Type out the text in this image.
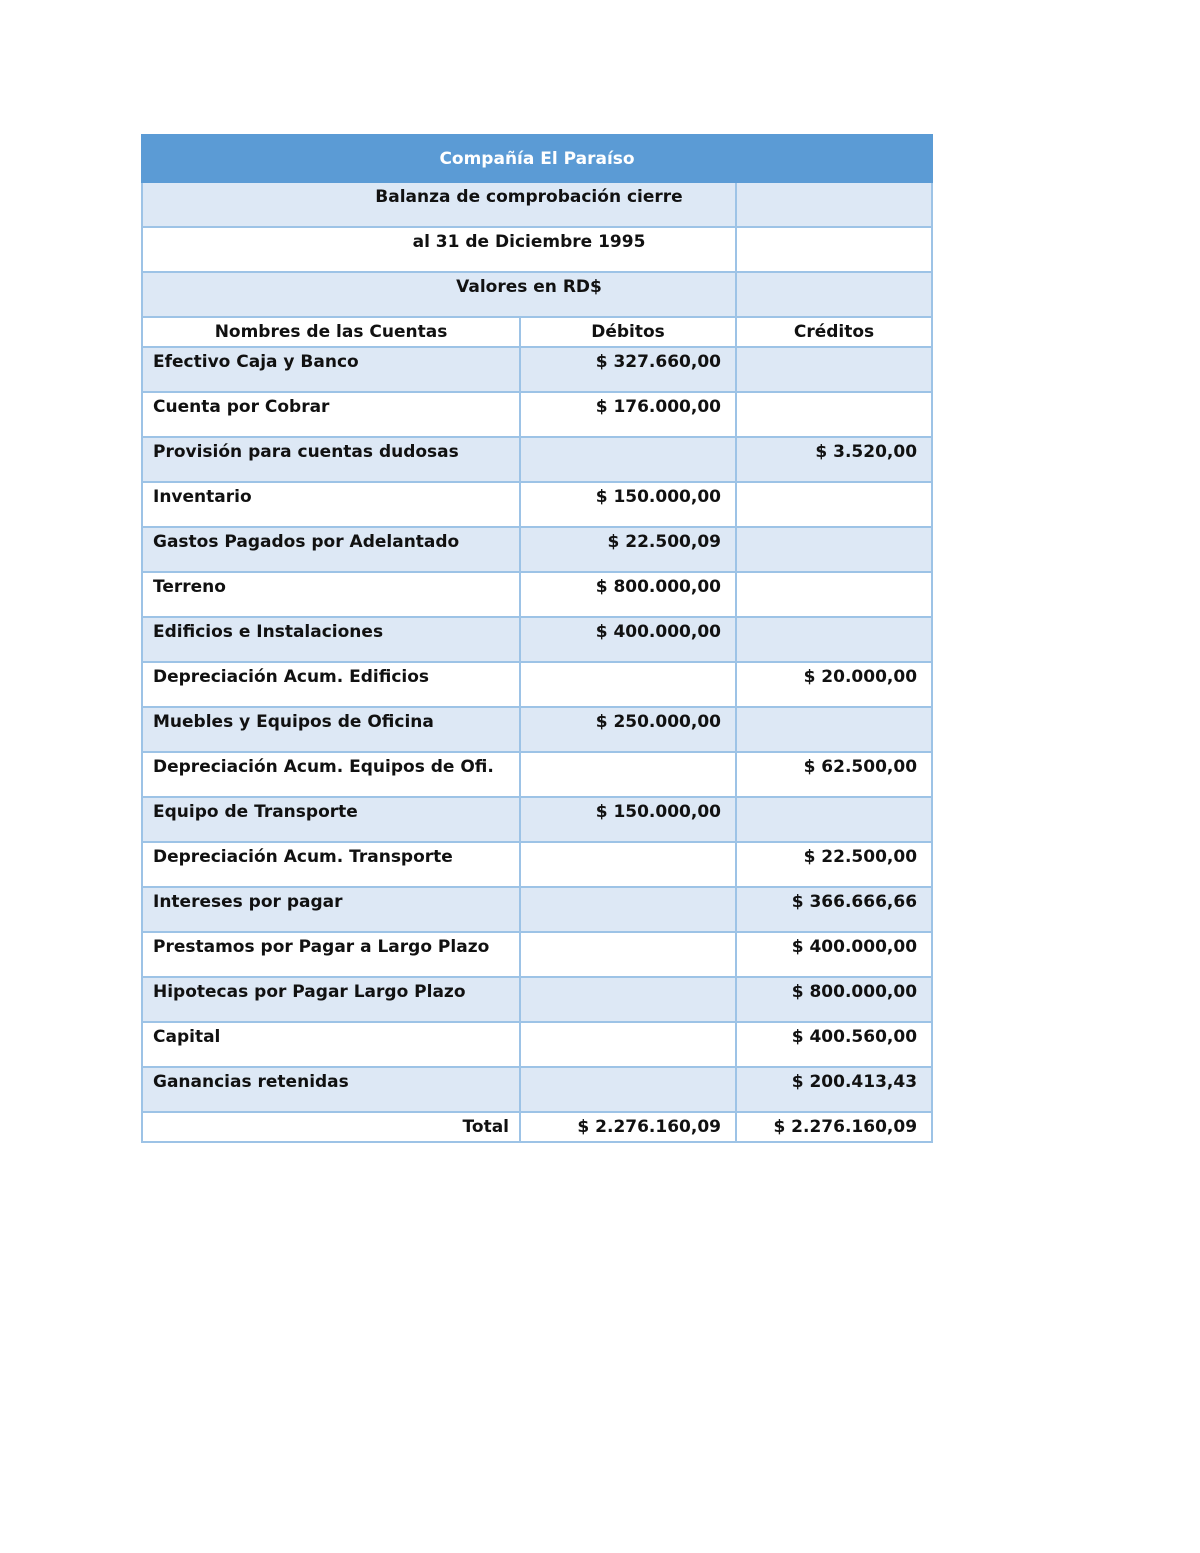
Compañía El Paraíso		
Balanza de comprobación cierre		
al 31 de Diciembre 1995		
Valores en RD$		
Nombres de las Cuentas	Débitos	Créditos
Efectivo Caja y Banco	$ 327.660,00	
Cuenta por Cobrar	$ 176.000,00	
Provisión para cuentas dudosas		$ 3.520,00
Inventario	$ 150.000,00	
Gastos Pagados por Adelantado	$ 22.500,09	
Terreno	$ 800.000,00	
Edificios e Instalaciones	$ 400.000,00	
Depreciación Acum. Edificios		$ 20.000,00
Muebles y Equipos de Oficina	$ 250.000,00	
Depreciación Acum. Equipos de Ofi.		$ 62.500,00
Equipo de Transporte	$ 150.000,00	
Depreciación Acum. Transporte		$ 22.500,00
Intereses por pagar		$ 366.666,66
Prestamos por Pagar a Largo Plazo		$ 400.000,00
Hipotecas por Pagar Largo Plazo		$ 800.000,00
Capital		$ 400.560,00
Ganancias retenidas		$ 200.413,43
Total	$ 2.276.160,09	$ 2.276.160,09
